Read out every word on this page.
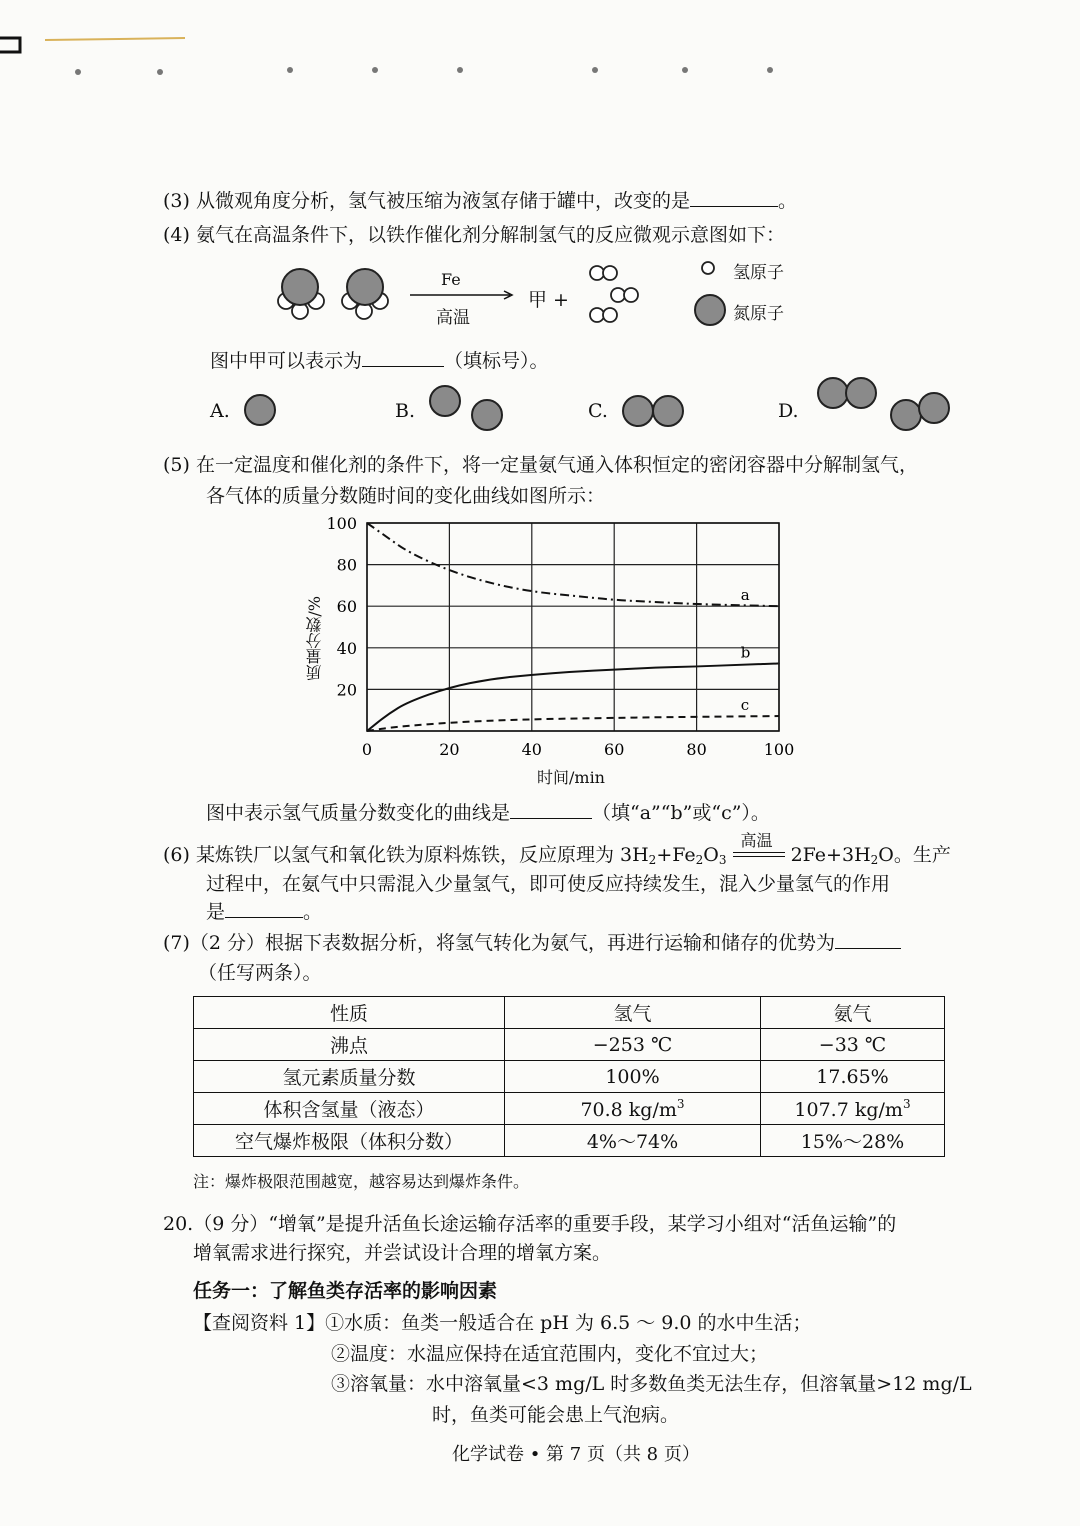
(3) 从微观角度分析，氢气被压缩为液氢存储于罐中，改变的是	。
(4) 氨气在高温条件下，以铁作催化剂分解制氢气的反应微观示意图如下：
Fe
高温
甲 +
氢原子
氮原子
图中甲可以表示为	（填标号）。
A.	B.	C.	D.
(5) 在一定温度和催化剂的条件下，将一定量氨气通入体积恒定的密闭容器中分解制氢气，
各气体的质量分数随时间的变化曲线如图所示：
0	20	40	60	80	100
20
40
60
80
100
a
b
c
时间/min
质量分数/%
图中表示氢气质量分数变化的曲线是	（填“a”“b”或“c”）。
(6) 某炼铁厂以氢气和氧化铁为原料炼铁，反应原理为 $3H_2+Fe_2O_3$
高温
$2Fe+3H_2O$。生产
过程中，在氨气中只需混入少量氢气，即可使反应持续发生，混入少量氢气的作用
是	。
(7)（2 分）根据下表数据分析，将氢气转化为氨气，再进行运输和储存的优势为
（任写两条）。
性质	氢气	氨气
沸点	−253 ℃	−33 ℃
氢元素质量分数	100%	17.65%
体积含氢量（液态）	70.8 $kg/m^3$	107.7 $kg/m^3$
空气爆炸极限（体积分数）	4%～74%	15%～28%
注：爆炸极限范围越宽，越容易达到爆炸条件。
20.（9 分）“增氧”是提升活鱼长途运输存活率的重要手段，某学习小组对“活鱼运输”的
增氧需求进行探究，并尝试设计合理的增氧方案。
任务一：了解鱼类存活率的影响因素
【查阅资料 1】①水质：鱼类一般适合在 pH 为 6.5 ～ 9.0 的水中生活；
②温度：水温应保持在适宜范围内，变化不宜过大；
③溶氧量：水中溶氧量<3 mg/L 时多数鱼类无法生存，但溶氧量>12 mg/L
时，鱼类可能会患上气泡病。
化学试卷 • 第 7 页（共 8 页）
